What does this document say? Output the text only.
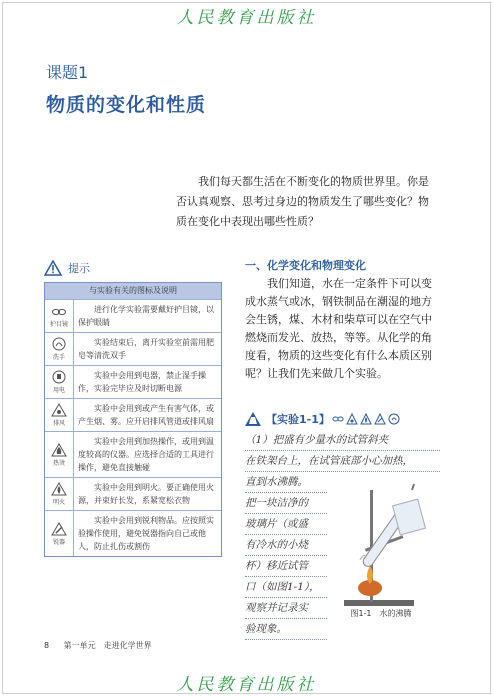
人民教育出版社
课题1
物质的变化和性质

我们每天都生活在不断变化的物质世界里。你是否认真观察、思考过身边的物质发生了哪些变化？物质在变化中表现出哪些性质？

提示
与实验有关的图标及说明
护目镜
进行化学实验需要戴好护目镜，以保护眼睛
洗手
实验结束后，离开实验室前需用肥皂等清洗双手
用电
实验中会用到电器，禁止湿手操作，实验完毕应及时切断电源
排风
实验中会用到或产生有害气体，或产生烟、雾。应开启排风管道或排风扇
热烫
实验中会用到加热操作，或用到温度较高的仪器。应选择合适的工具进行操作，避免直接触碰
明火
实验中会用到明火。要正确使用火源，并束好长发，系紧宽松衣物
锐器
实验中会用到锐利物品。应按照实验操作使用，避免锐器指向自己或他人，防止扎伤或割伤
一、化学变化和物理变化

我们知道，水在一定条件下可以变成水蒸气或冰，钢铁制品在潮湿的地方会生锈，煤、木材和柴草可以在空气中燃烧而发光、放热，等等。从化学的角度看，物质的这些变化有什么本质区别呢？让我们先来做几个实验。

【实验1-1】
（1）把盛有少量水的试管斜夹
在铁架台上，在试管底部小心加热，
直到水沸腾。
把一块洁净的
玻璃片（或盛
有冷水的小烧
杯）移近试管
口（如图1-1），
观察并记录实
验现象。
图1-1　水的沸腾
8 第一单元　走进化学世界
人民教育出版社
